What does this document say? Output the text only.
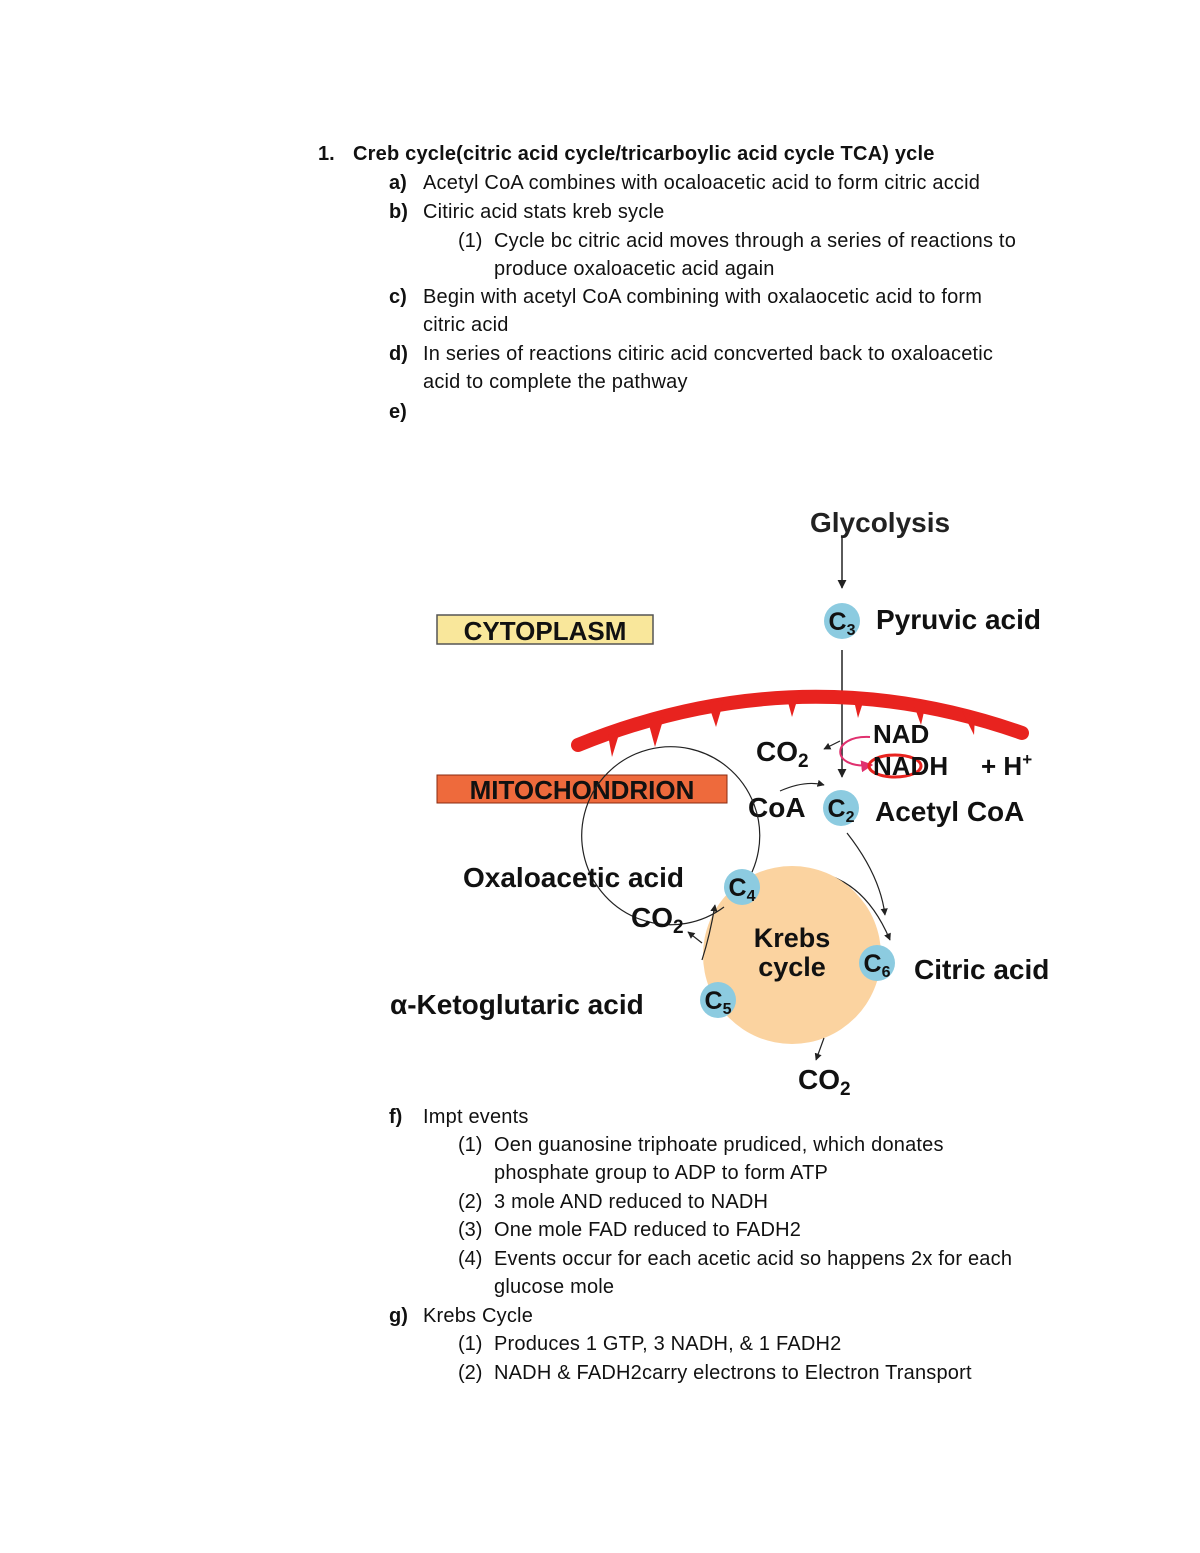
1. Creb cycle(citric acid cycle/tricarboylic acid cycle TCA) ycle
a) Acetyl CoA combines with ocaloacetic acid to form citric accid
b) Citiric acid stats kreb sycle
(1) Cycle bc citric acid moves through a series of reactions to
produce oxaloacetic acid again
c) Begin with acetyl CoA combining with oxalaocetic acid to form
citric acid
d) In series of reactions citiric acid concverted back to oxaloacetic
acid to complete the pathway
e)
Glycolysis
CYTOPLASM	$C_3$ Pyruvic acid
MITOCHONDRION
$CO_2$
NAD
NADH + H+
CoA $C_2$ Acetyl CoA
Krebs
cycle
Oxaloacetic acid $C_4$
$CO_2$
$C_6$ Citric acid
α-Ketoglutaric acid $C_5$
$CO_2$
f) Impt events
(1) Oen guanosine triphoate prudiced, which donates
phosphate group to ADP to form ATP
(2) 3 mole AND reduced to NADH
(3) One mole FAD reduced to FADH2
(4) Events occur for each acetic acid so happens 2x for each
glucose mole
g) Krebs Cycle
(1) Produces 1 GTP, 3 NADH, & 1 FADH2
(2) NADH & FADH2carry electrons to Electron Transport
